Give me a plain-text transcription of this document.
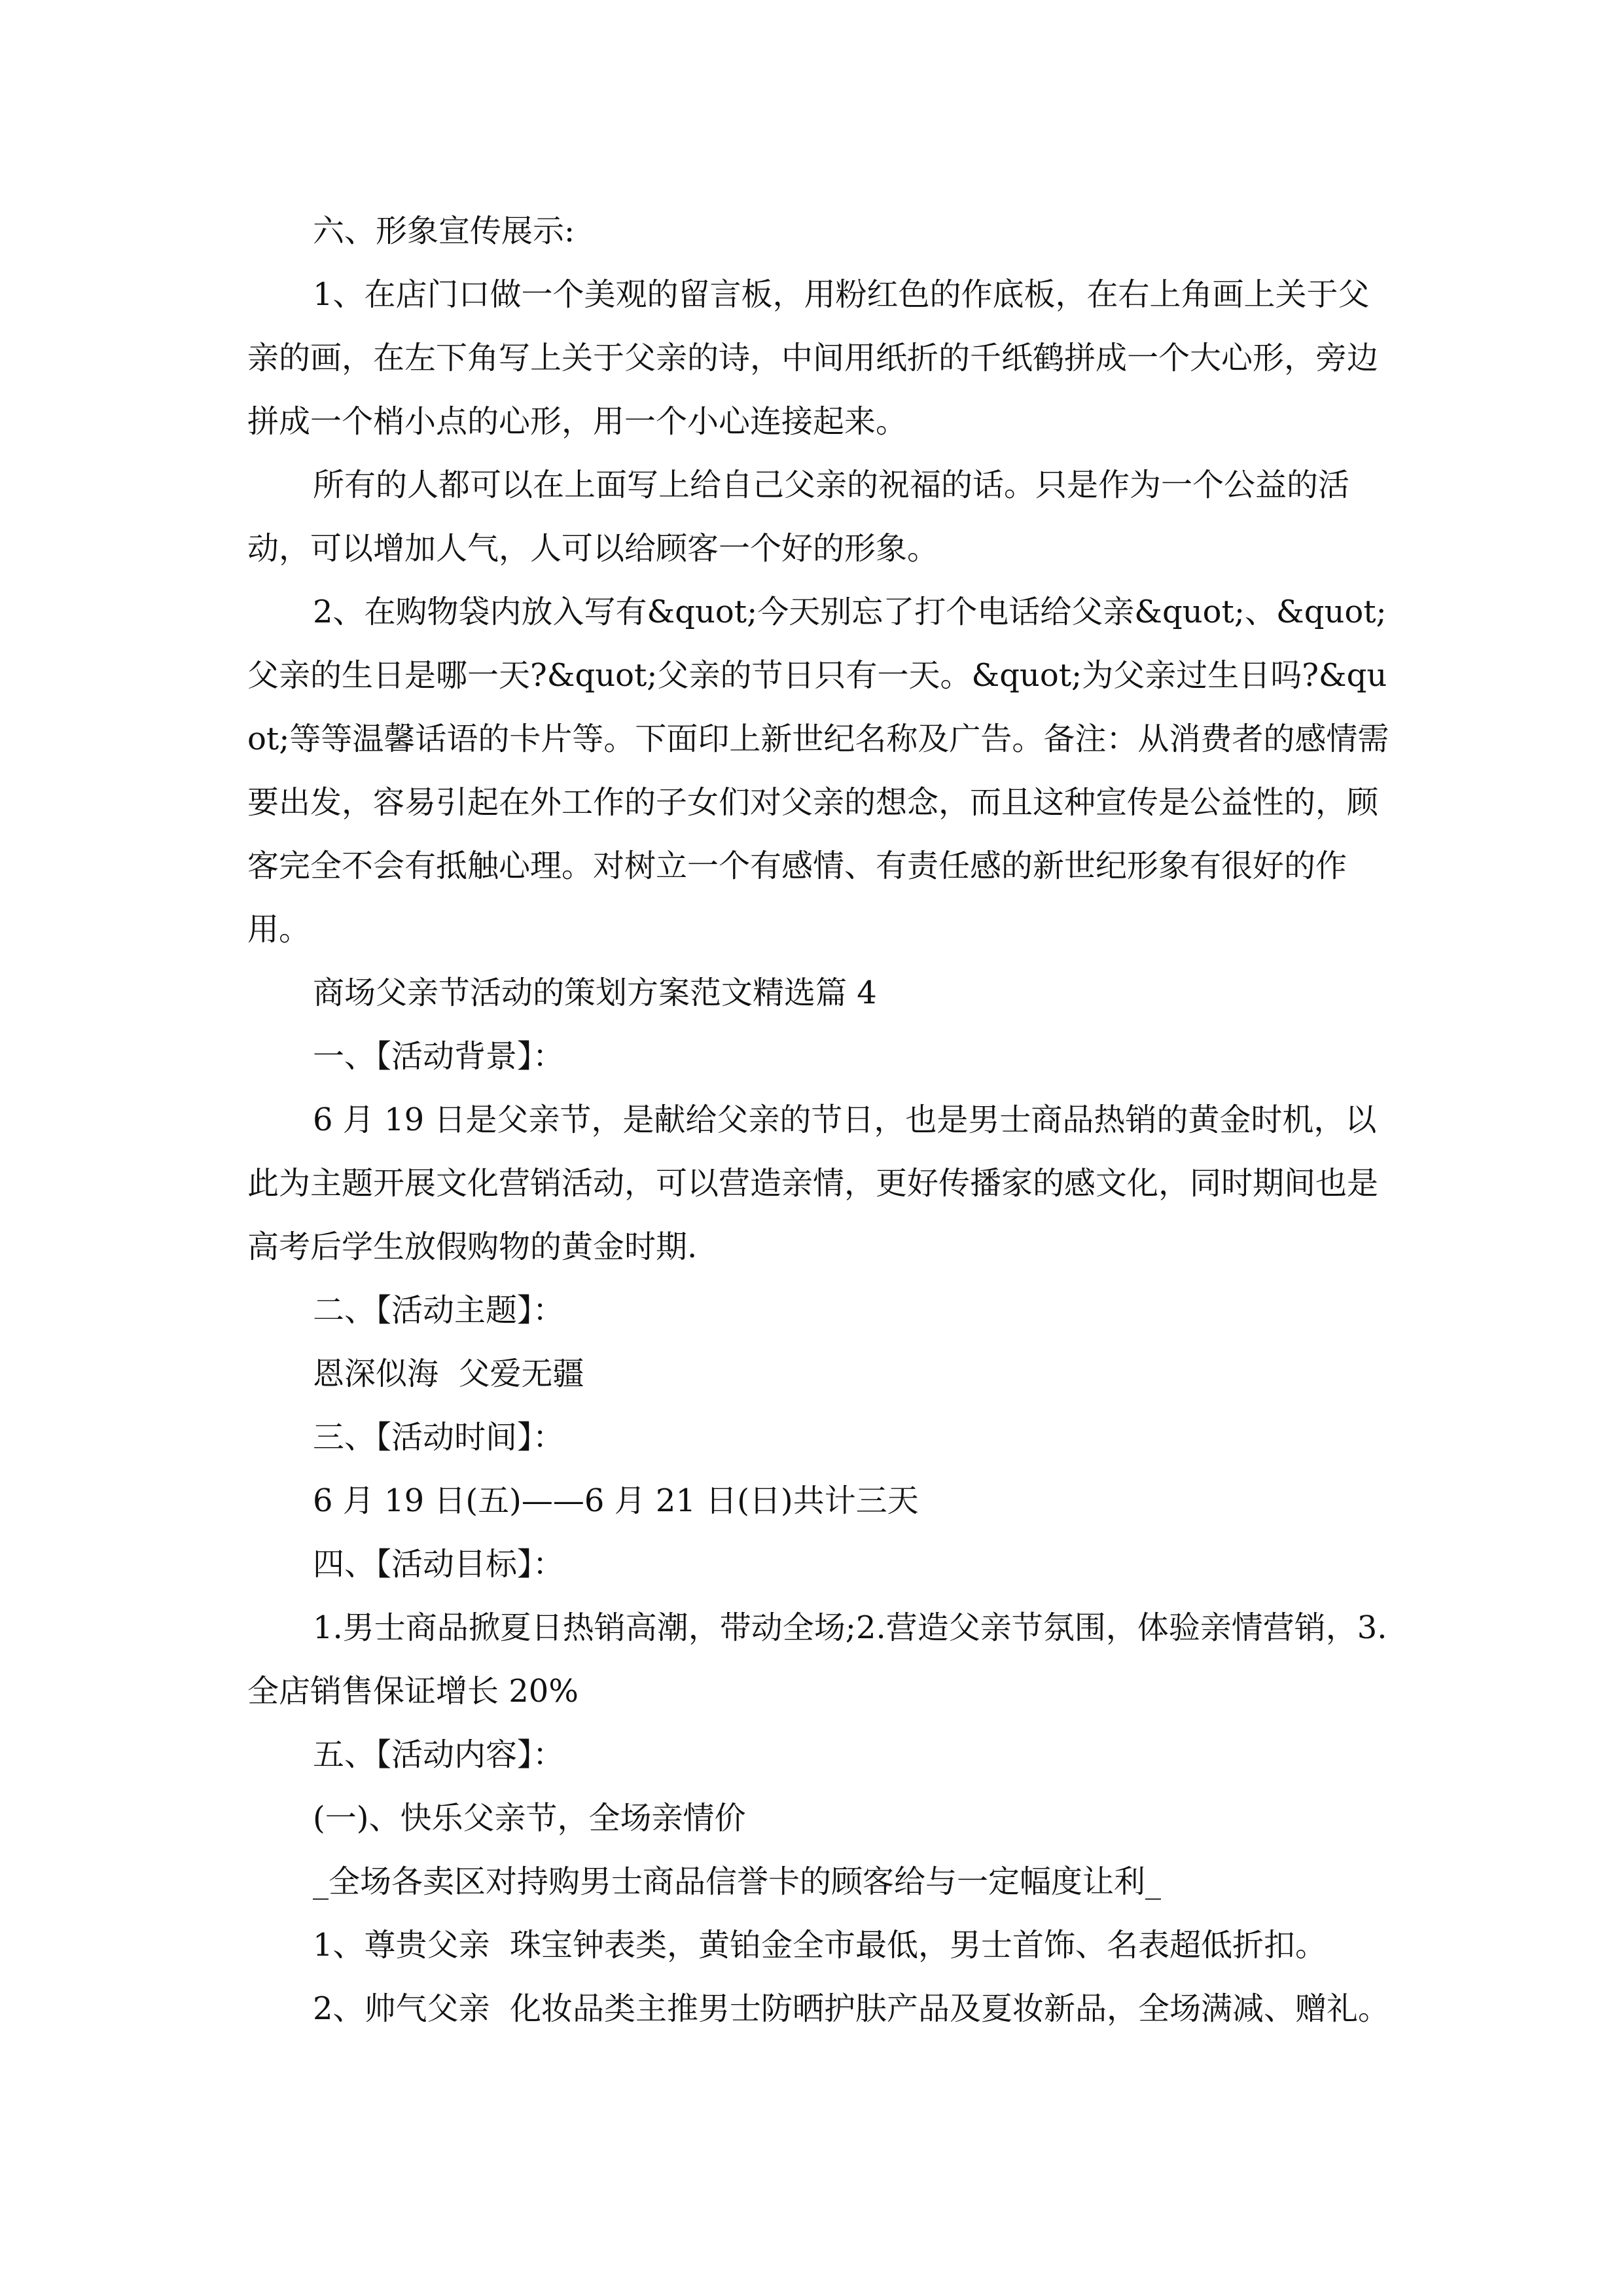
六、形象宣传展示:

1、在店门口做一个美观的留言板，用粉红色的作底板，在右上角画上关于父亲的画，在左下角写上关于父亲的诗，中间用纸折的千纸鹤拼成一个大心形，旁边拼成一个梢小点的心形，用一个小心连接起来。

所有的人都可以在上面写上给自己父亲的祝福的话。只是作为一个公益的活动，可以增加人气，人可以给顾客一个好的形象。

2、在购物袋内放入写有&quot;今天别忘了打个电话给父亲&quot;、&quot;父亲的生日是哪一天?&quot;父亲的节日只有一天。&quot;为父亲过生日吗?&quot;等等温馨话语的卡片等。下面印上新世纪名称及广告。备注：从消费者的感情需要出发，容易引起在外工作的子女们对父亲的想念，而且这种宣传是公益性的，顾客完全不会有抵触心理。对树立一个有感情、有责任感的新世纪形象有很好的作用。

商场父亲节活动的策划方案范文精选篇 4

一、【活动背景】：

6 月 19 日是父亲节，是献给父亲的节日，也是男士商品热销的黄金时机，以此为主题开展文化营销活动，可以营造亲情，更好传播家的感文化，同时期间也是高考后学生放假购物的黄金时期.

二、【活动主题】：

恩深似海  父爱无疆

三、【活动时间】：

6 月 19 日(五)——6 月 21 日(日)共计三天

四、【活动目标】：

1.男士商品掀夏日热销高潮，带动全场;2.营造父亲节氛围，体验亲情营销，3.全店销售保证增长 20%

五、【活动内容】：

(一)、快乐父亲节，全场亲情价

_全场各卖区对持购男士商品信誉卡的顾客给与一定幅度让利_

1、尊贵父亲  珠宝钟表类，黄铂金全市最低，男士首饰、名表超低折扣。

2、帅气父亲  化妆品类主推男士防晒护肤产品及夏妆新品，全场满减、赠礼。
